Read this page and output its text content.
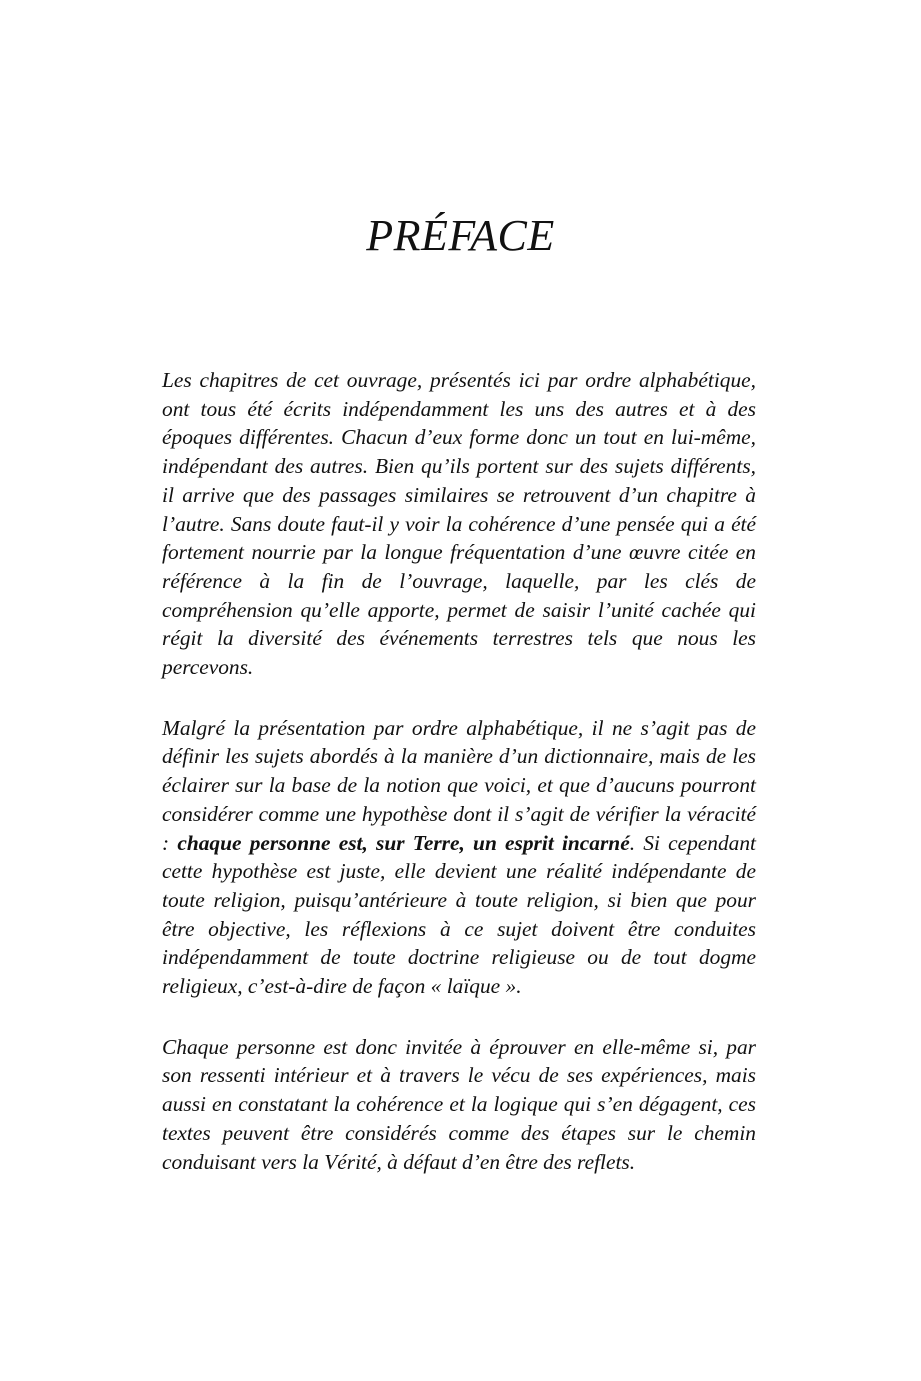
PRÉFACE

Les chapitres de cet ouvrage, présentés ici par ordre alphabétique, ont tous été écrits indépendamment les uns des autres et à des époques différentes. Chacun d’eux forme donc un tout en lui-même, indépendant des autres. Bien qu’ils portent sur des sujets différents, il arrive que des passages similaires se retrouvent d’un chapitre à l’autre. Sans doute faut-il y voir la cohérence d’une pensée qui a été fortement nourrie par la longue fréquentation d’une œuvre citée en référence à la fin de l’ouvrage, laquelle, par les clés de compréhension qu’elle apporte, permet de saisir l’unité cachée qui régit la diversité des événements terrestres tels que nous les percevons.

Malgré la présentation par ordre alphabétique, il ne s’agit pas de définir les sujets abordés à la manière d’un dictionnaire, mais de les éclairer sur la base de la notion que voici, et que d’aucuns pourront considérer comme une hypothèse dont il s’agit de vérifier la véracité : chaque personne est, sur Terre, un esprit incarné. Si cependant cette hypothèse est juste, elle devient une réalité indépendante de toute religion, puisqu’antérieure à toute religion, si bien que pour être objective, les réflexions à ce sujet doivent être conduites indépendamment de toute doctrine religieuse ou de tout dogme religieux, c’est-à-dire de façon « laïque ».

Chaque personne est donc invitée à éprouver en elle-même si, par son ressenti intérieur et à travers le vécu de ses expériences, mais aussi en constatant la cohérence et la logique qui s’en dégagent, ces textes peuvent être considérés comme des étapes sur le chemin conduisant vers la Vérité, à défaut d’en être des reflets.
